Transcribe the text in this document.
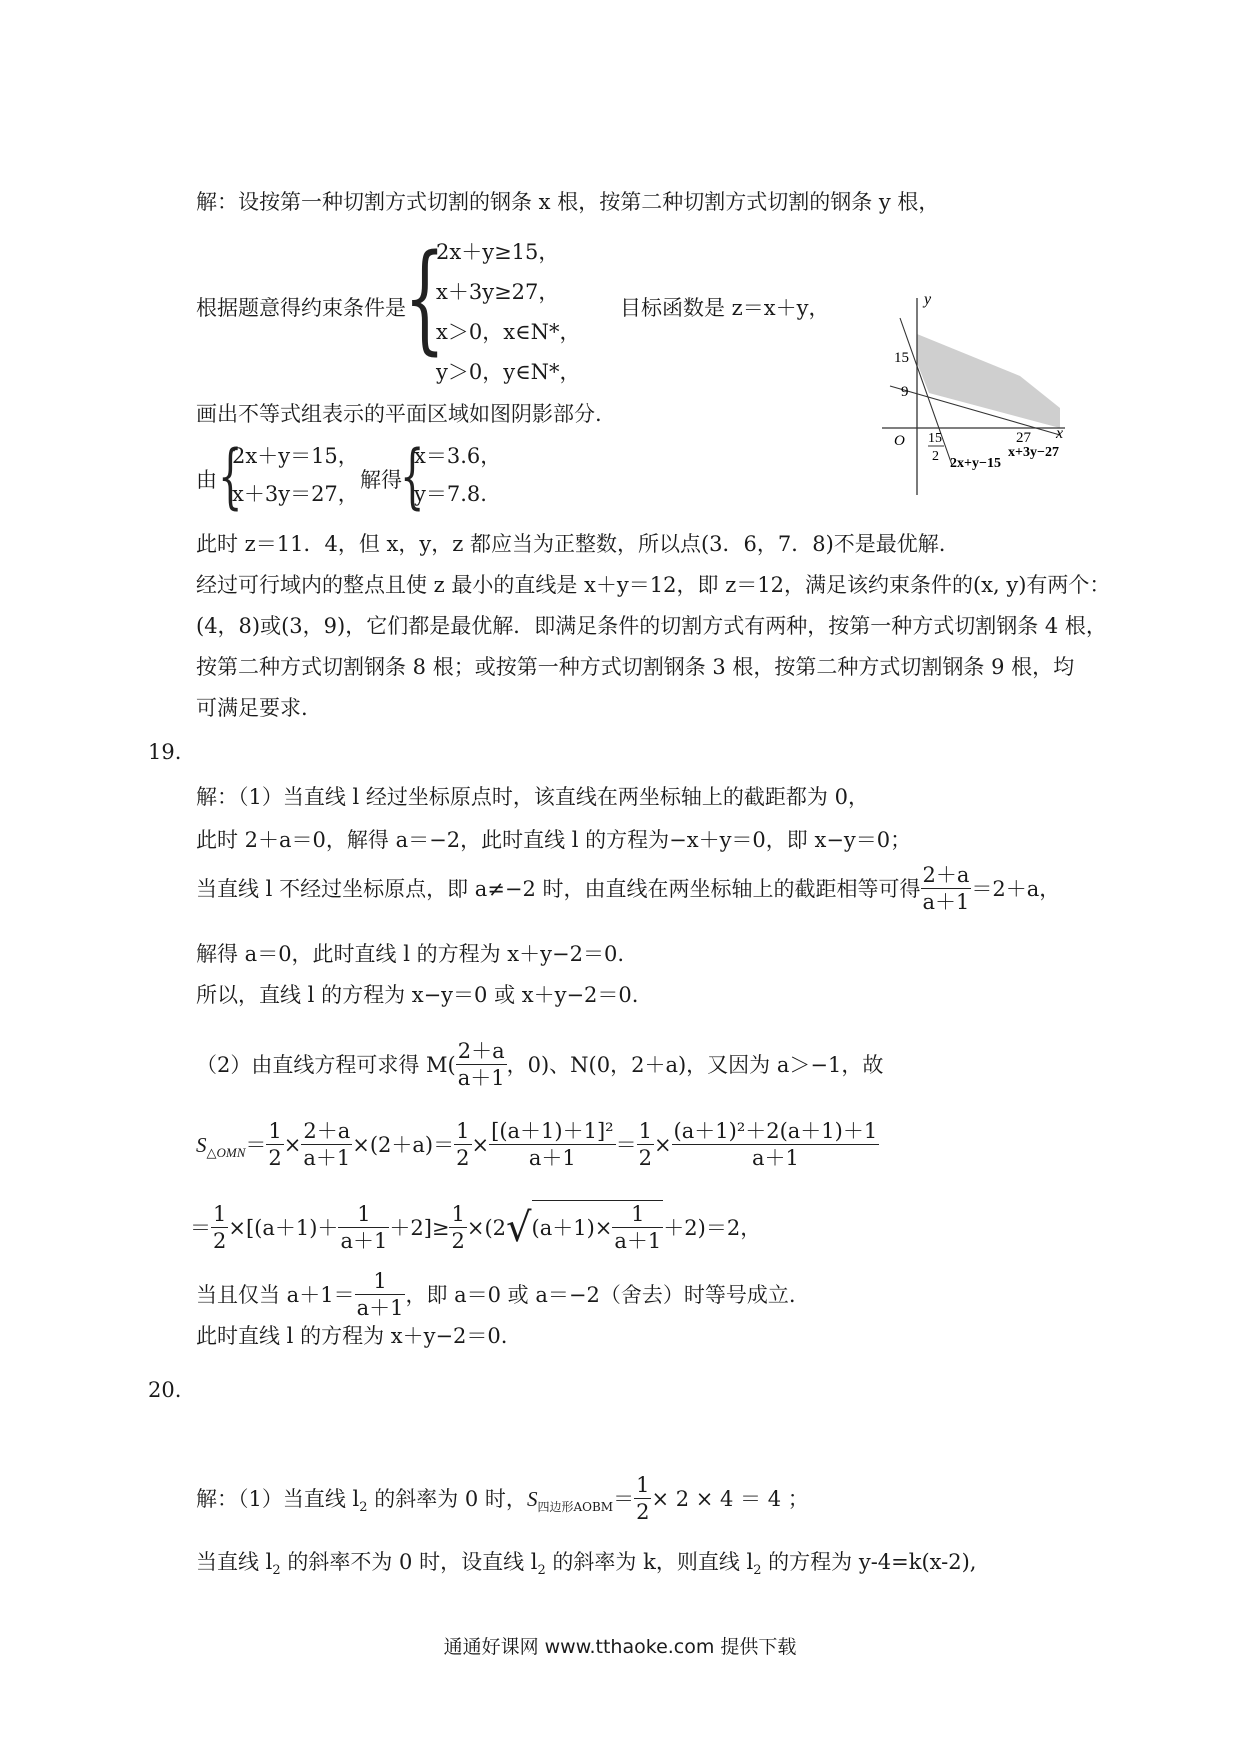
解：设按第一种切割方式切割的钢条 x 根，按第二种切割方式切割的钢条 y 根，
根据题意得约束条件是
{
2x＋y≥15，
x＋3y≥27，
x＞0，x∈N*，
y＞0，y∈N*，
目标函数是 z＝x＋y，
画出不等式组表示的平面区域如图阴影部分.
由 {
2x＋y＝15，
x＋3y＝27，
解得
{
x＝3.6，
y＝7.8.
y
x
O
15
9
15
2
27
2x+y−15
x+3y−27
此时 z＝11．4，但 x，y，z 都应当为正整数，所以点(3．6，7．8)不是最优解.
经过可行域内的整点且使 z 最小的直线是 x＋y＝12，即 z＝12，满足该约束条件的(x, y)有两个：
(4，8)或(3，9)，它们都是最优解．即满足条件的切割方式有两种，按第一种方式切割钢条 4 根，
按第二种方式切割钢条 8 根；或按第一种方式切割钢条 3 根，按第二种方式切割钢条 9 根，均
可满足要求.
19.
解：（1）当直线 l 经过坐标原点时，该直线在两坐标轴上的截距都为 0，
此时 2＋a＝0，解得 a＝−2，此时直线 l 的方程为−x＋y＝0，即 x−y＝0；
当直线 l 不经过坐标原点，即 a≠−2 时，由直线在两坐标轴上的截距相等可得 $\frac{2+a}{a+1} =2+a$，
解得 a＝0，此时直线 l 的方程为 x＋y−2＝0.
所以，直线 l 的方程为 x−y＝0 或 x＋y−2＝0.
（2）由直线方程可求得 $M( \frac{2+a}{a+1}$ ，0)、N(0，2＋a)，又因为 a＞−1，故
$S_{\triangle OMN}= \frac{1}{2} \times \frac{2+a}{a+1} \times(2+a)= \frac{1}{2} \times \frac{\text{[(a＋1)＋1]²}}{a+1} = \frac{1}{2} \times \frac{\text{(a＋1)²＋2(a＋1)＋1}}{a+1}$
＝ $\frac{1}{2} \times[(a+1)+ \frac{1}{a+1} +2]\ge \frac{1}{2} \times(2√(a+1)\times \frac{1}{a+1} +2)=2$，
当且仅当 $a+1= \frac{1}{a+1}$ ，即 a＝0 或 a＝−2（舍去）时等号成立.
此时直线 l 的方程为 x＋y−2＝0.
20.
解：（1）当直线 $l_2$ 的斜率为 0 时，$S_{四边形AOBM}= \frac{1}{2} \times 2 \times 4 = 4$ ；
当直线 $l_2$ 的斜率不为 0 时，设直线 $l_2$ 的斜率为 k，则直线 $l_2$ 的方程为 y-4=k(x-2),
通通好课网 www.tthaoke.com 提供下载
